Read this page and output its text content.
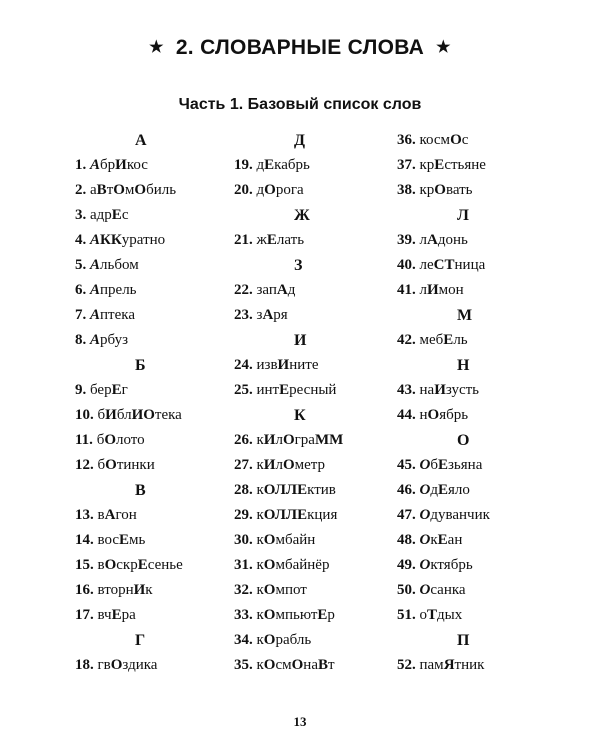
★ 2. СЛОВАРНЫЕ СЛОВА ★
Часть 1. Базовый список слов
А
1. АбрИкос
2. аВтОмОбиль
3. адрЕс
4. АККуратно
5. Альбом
6. Апрель
7. Аптека
8. Арбуз
Б
9. берЕг
10. бИблИОтека
11. бОлото
12. бОтинки
В
13. вАгон
14. восЕмь
15. вОскрЕсенье
16. вторнИк
17. вчЕра
Г
18. гвОздика
Д
19. дЕкабрь
20. дОрога
Ж
21. жЕлать
З
22. запАд
23. зАря
И
24. извИните
25. интЕресный
К
26. кИлОграММ
27. кИлОметр
28. кОЛЛЕктив
29. кОЛЛЕкция
30. кОмбайн
31. кОмбайнёр
32. кОмпот
33. кОмпьютЕр
34. кОрабль
35. кОсмОнаВт
36. космОс
37. крЕстьяне
38. крОвать
Л
39. лАдонь
40. леСТница
41. лИмон
М
42. мебЕль
Н
43. наИзусть
44. нОябрь
О
45. ОбЕзьяна
46. ОдЕяло
47. Одуванчик
48. ОкЕан
49. Октябрь
50. Осанка
51. оТдых
П
52. памЯтник
13
